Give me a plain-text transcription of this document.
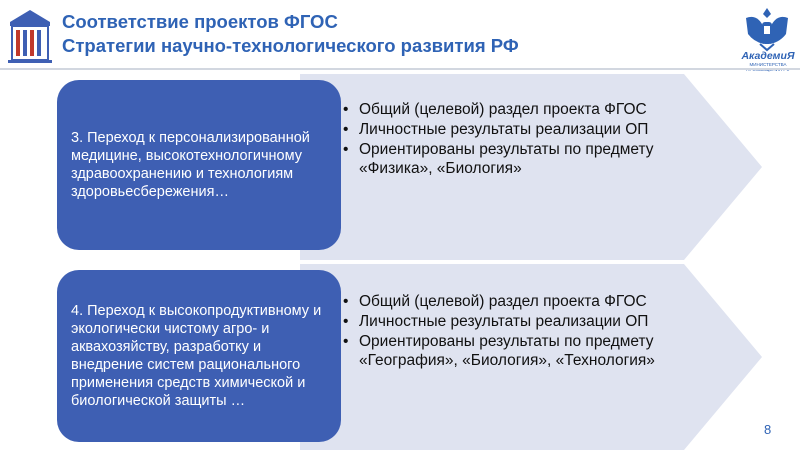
Соответствие проектов ФГОС
Стратегии научно-технологического развития РФ	АкадемиЯ
МИНИСТЕРСТВА
3. Переход к персонализированной медицине, высокотехнологичному здравоохранению и технологиям здоровьесбережения…
• Общий (целевой) раздел проекта ФГОС
• Личностные результаты реализации ОП
• Ориентированы результаты по предмету «Физика», «Биология»
4. Переход к высокопродуктивному и экологически чистому агро- и аквахозяйству, разработку и внедрение систем рационального применения средств химической и биологической защиты …
• Общий (целевой) раздел проекта ФГОС
• Личностные результаты реализации ОП
• Ориентированы результаты по предмету «География», «Биология», «Технология»
8
